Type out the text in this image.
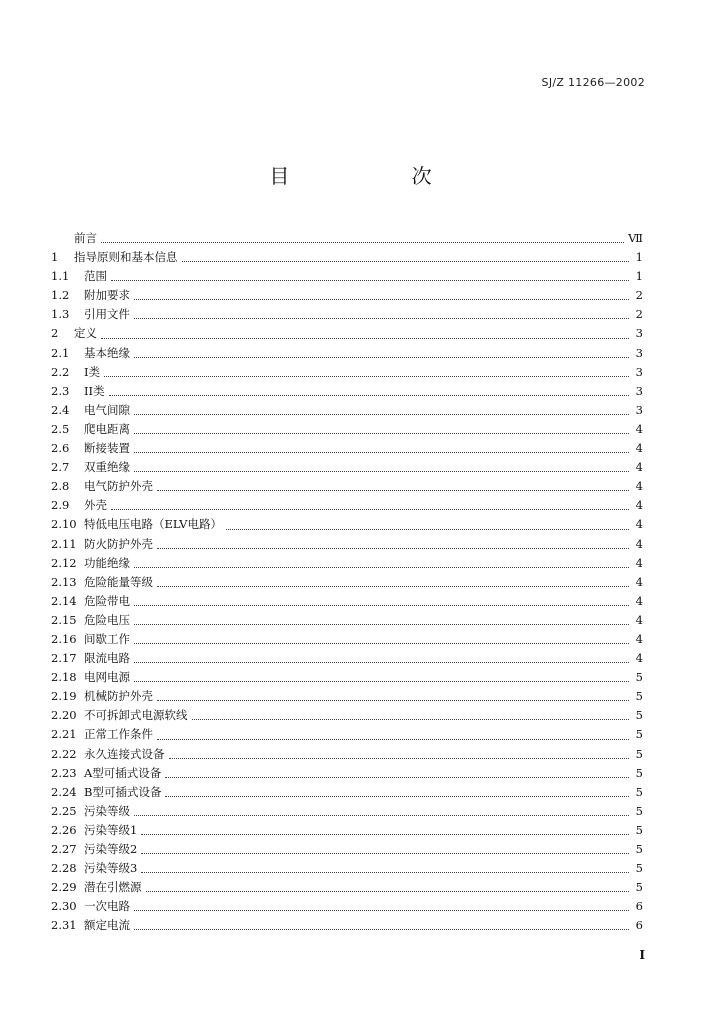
SJ/Z 11266—2002
目 次
前言	Ⅶ
1	指导原则和基本信息	1
1.1	范围	1
1.2	附加要求	2
1.3	引用文件	2
2	定义	3
2.1	基本绝缘	3
2.2	I类	3
2.3	II类	3
2.4	电气间隙	3
2.5	爬电距离	4
2.6	断接装置	4
2.7	双重绝缘	4
2.8	电气防护外壳	4
2.9	外壳	4
2.10 特低电压电路（ELV电路）	4
2.11 防火防护外壳	4
2.12 功能绝缘	4
2.13 危险能量等级	4
2.14 危险带电	4
2.15 危险电压	4
2.16 间歇工作	4
2.17 限流电路	4
2.18 电网电源	5
2.19 机械防护外壳	5
2.20 不可拆卸式电源软线	5
2.21 正常工作条件	5
2.22 永久连接式设备	5
2.23 A型可插式设备	5
2.24 B型可插式设备	5
2.25 污染等级	5
2.26 污染等级1	5
2.27 污染等级2	5
2.28 污染等级3	5
2.29 潜在引燃源	5
2.30 一次电路	6
2.31 额定电流	6
I
